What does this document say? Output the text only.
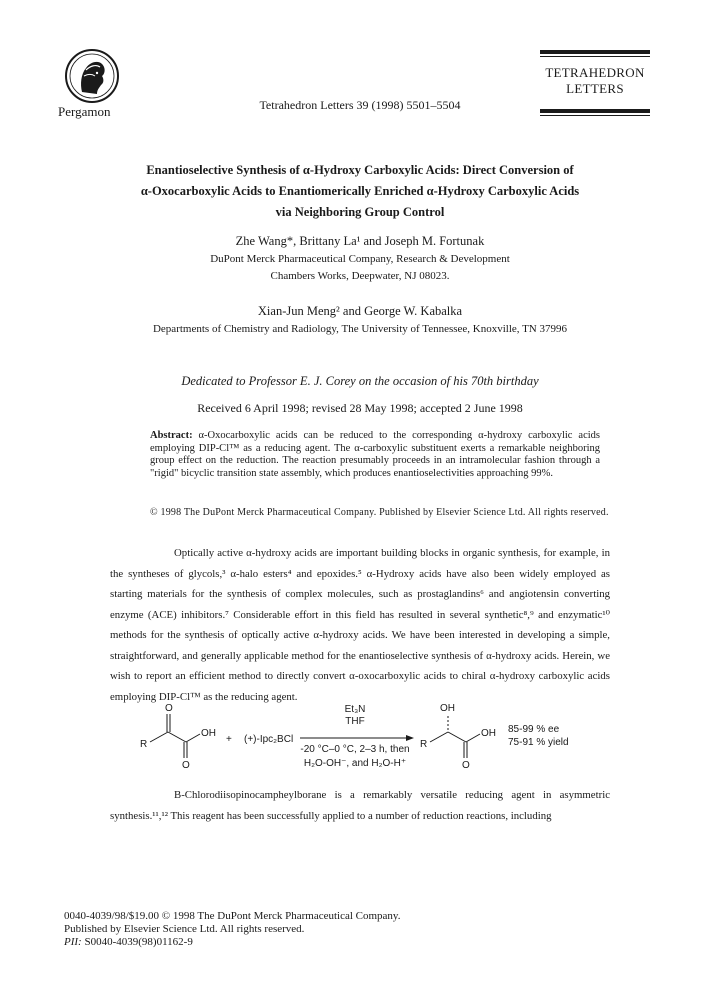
Pergamon	Tetrahedron Letters 39 (1998) 5501–5504
TETRAHEDRON
LETTERS
Enantioselective Synthesis of α-Hydroxy Carboxylic Acids: Direct Conversion of
α-Oxocarboxylic Acids to Enantiomerically Enriched α-Hydroxy Carboxylic Acids
via Neighboring Group Control
Zhe Wang*, Brittany La¹ and Joseph M. Fortunak
DuPont Merck Pharmaceutical Company, Research & Development
Chambers Works, Deepwater, NJ 08023.
Xian-Jun Meng² and George W. Kabalka
Departments of Chemistry and Radiology, The University of Tennessee, Knoxville, TN 37996
Dedicated to Professor E. J. Corey on the occasion of his 70th birthday
Received 6 April 1998; revised 28 May 1998; accepted 2 June 1998
Abstract: α-Oxocarboxylic acids can be reduced to the corresponding α-hydroxy carboxylic acids employing DIP-Cl™ as a reducing agent. The α-carboxylic substituent exerts a remarkable neighboring group effect on the reduction. The reaction presumably proceeds in an intramolecular fashion through a "rigid" bicyclic transition state assembly, which produces enantioselectivities approaching 99%.
© 1998 The DuPont Merck Pharmaceutical Company. Published by Elsevier Science Ltd. All rights reserved.
Optically active α-hydroxy acids are important building blocks in organic synthesis, for example, in the syntheses of glycols,³ α-halo esters⁴ and epoxides.⁵ α-Hydroxy acids have also been widely employed as starting materials for the synthesis of complex molecules, such as prostaglandins⁶ and angiotensin converting enzyme (ACE) inhibitors.⁷ Considerable effort in this field has resulted in several synthetic⁸,⁹ and enzymatic¹⁰ methods for the synthesis of optically active α-hydroxy acids. We have been interested in developing a simple, straightforward, and generally applicable method for the enantioselective synthesis of α-hydroxy acids. Herein, we wish to report an efficient method to directly convert α-oxocarboxylic acids to chiral α-hydroxy carboxylic acids employing DIP-Cl™ as the reducing agent.
O
O
R
OH
+ (+)-Ipc₂BCl
Et₃N
THF
-20 °C–0 °C, 2–3 h, then
H₂O-OH⁻, and H₂O-H⁺
OH
O
R
OH 85-99 % ee
75-91 % yield
B-Chlorodiisopinocampheylborane is a remarkably versatile reducing agent in asymmetric synthesis.¹¹,¹² This reagent has been successfully applied to a number of reduction reactions, including
0040-4039/98/$19.00 © 1998 The DuPont Merck Pharmaceutical Company.
Published by Elsevier Science Ltd. All rights reserved.
PII: S0040-4039(98)01162-9
